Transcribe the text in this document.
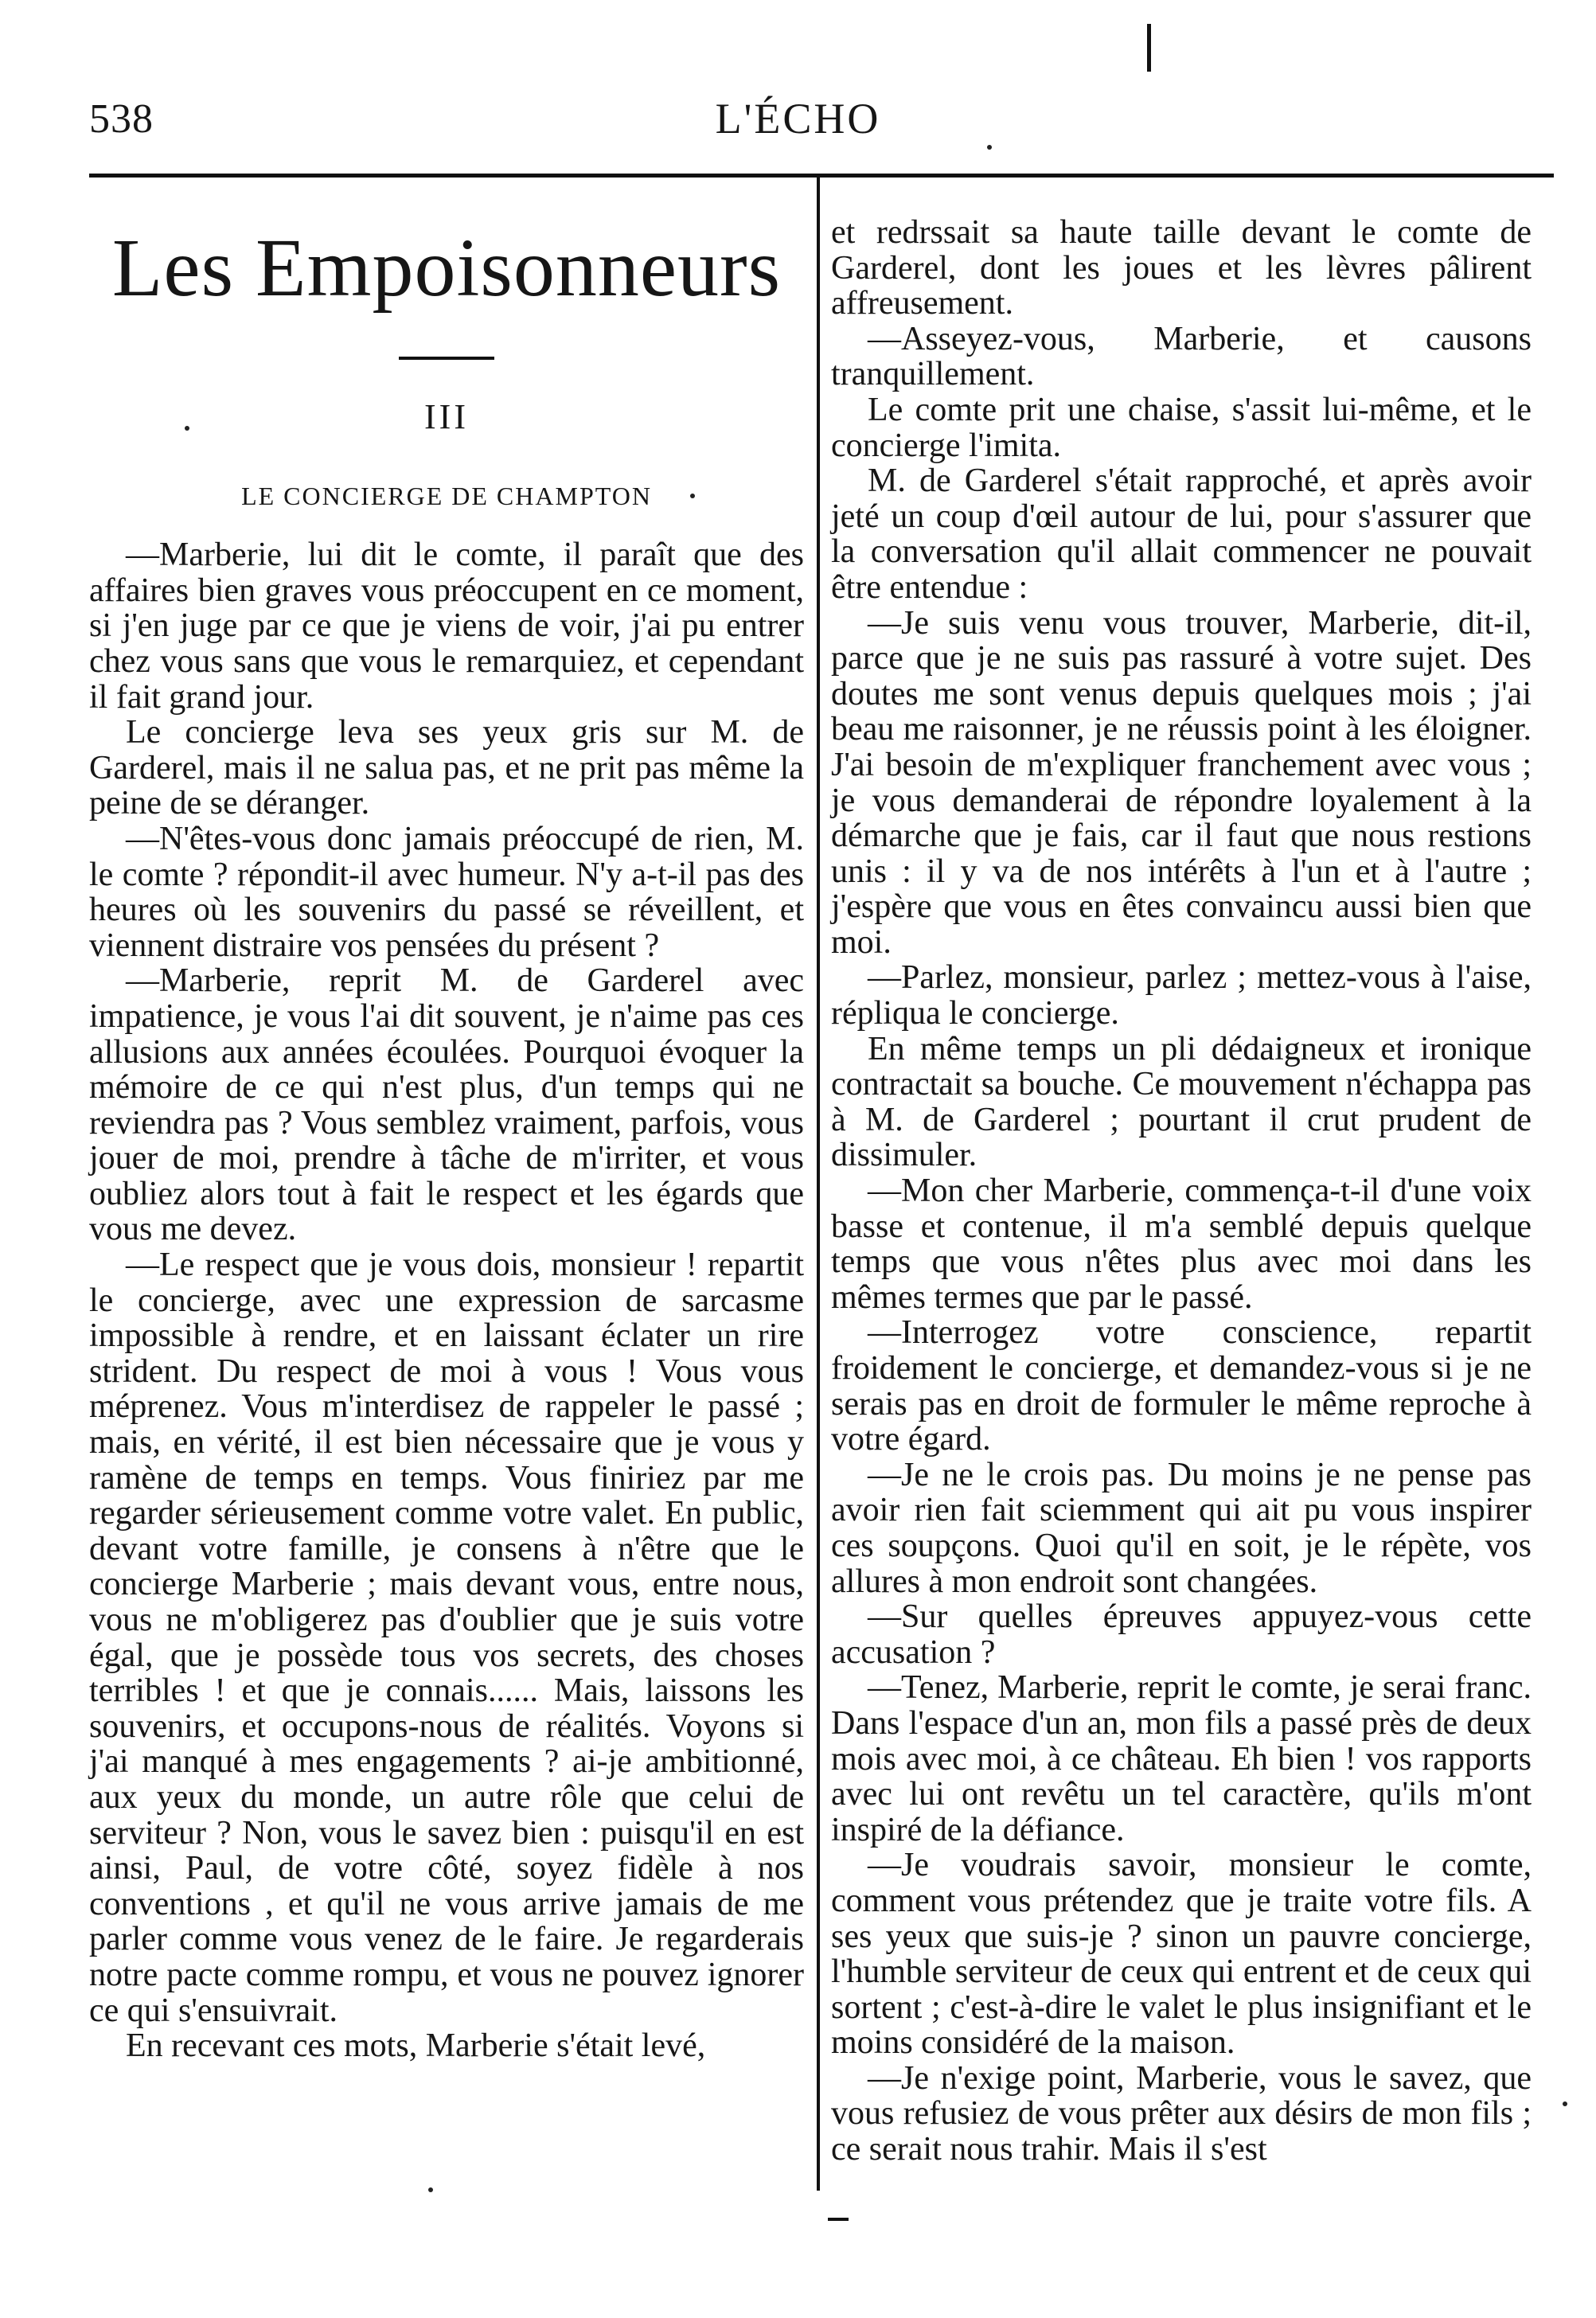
538	L'ÉCHO
Les Empoisonneurs
III
LE CONCIERGE DE CHAMPTON

—Marberie, lui dit le comte, il paraît que des affaires bien graves vous préoccupent en ce moment, si j'en juge par ce que je viens de voir, j'ai pu entrer chez vous sans que vous le remarquiez, et cependant il fait grand jour.

Le concierge leva ses yeux gris sur M. de Garderel, mais il ne salua pas, et ne prit pas même la peine de se déranger.

—N'êtes-vous donc jamais préoccupé de rien, M. le comte ? répondit-il avec humeur. N'y a-t-il pas des heures où les souvenirs du passé se réveillent, et viennent distraire vos pensées du présent ?

—Marberie, reprit M. de Garderel avec impatience, je vous l'ai dit souvent, je n'aime pas ces allusions aux années écoulées. Pourquoi évoquer la mémoire de ce qui n'est plus, d'un temps qui ne reviendra pas ? Vous semblez vraiment, parfois, vous jouer de moi, prendre à tâche de m'irriter, et vous oubliez alors tout à fait le respect et les égards que vous me devez.

—Le respect que je vous dois, monsieur ! repartit le concierge, avec une expression de sarcasme impossible à rendre, et en laissant éclater un rire strident. Du respect de moi à vous ! Vous vous méprenez. Vous m'interdisez de rappeler le passé ; mais, en vérité, il est bien nécessaire que je vous y ramène de temps en temps. Vous finiriez par me regarder sérieusement comme votre valet. En public, devant votre famille, je consens à n'être que le concierge Marberie ; mais devant vous, entre nous, vous ne m'obligerez pas d'oublier que je suis votre égal, que je possède tous vos secrets, des choses terribles ! et que je connais...... Mais, laissons les souvenirs, et occupons-nous de réalités. Voyons si j'ai manqué à mes engagements ? ai-je ambitionné, aux yeux du monde, un autre rôle que celui de serviteur ? Non, vous le savez bien : puisqu'il en est ainsi, Paul, de votre côté, soyez fidèle à nos conventions , et qu'il ne vous arrive jamais de me parler comme vous venez de le faire. Je regarderais notre pacte comme rompu, et vous ne pouvez ignorer ce qui s'ensuivrait.

En recevant ces mots, Marberie s'était levé,

et redrssait sa haute taille devant le comte de Garderel, dont les joues et les lèvres pâlirent affreusement.

—Asseyez-vous, Marberie, et causons tranquillement.

Le comte prit une chaise, s'assit lui-même, et le concierge l'imita.

M. de Garderel s'était rapproché, et après avoir jeté un coup d'œil autour de lui, pour s'assurer que la conversation qu'il allait commencer ne pouvait être entendue :

—Je suis venu vous trouver, Marberie, dit-il, parce que je ne suis pas rassuré à votre sujet. Des doutes me sont venus depuis quelques mois ; j'ai beau me raisonner, je ne réussis point à les éloigner. J'ai besoin de m'expliquer franchement avec vous ; je vous demanderai de répondre loyalement à la démarche que je fais, car il faut que nous restions unis : il y va de nos intérêts à l'un et à l'autre ; j'espère que vous en êtes convaincu aussi bien que moi.

—Parlez, monsieur, parlez ; mettez-vous à l'aise, répliqua le concierge.

En même temps un pli dédaigneux et ironique contractait sa bouche. Ce mouvement n'échappa pas à M. de Garderel ; pourtant il crut prudent de dissimuler.

—Mon cher Marberie, commença-t-il d'une voix basse et contenue, il m'a semblé depuis quelque temps que vous n'êtes plus avec moi dans les mêmes termes que par le passé.

—Interrogez votre conscience, repartit froidement le concierge, et demandez-vous si je ne serais pas en droit de formuler le même reproche à votre égard.

—Je ne le crois pas. Du moins je ne pense pas avoir rien fait sciemment qui ait pu vous inspirer ces soupçons. Quoi qu'il en soit, je le répète, vos allures à mon endroit sont changées.

—Sur quelles épreuves appuyez-vous cette accusation ?

—Tenez, Marberie, reprit le comte, je serai franc. Dans l'espace d'un an, mon fils a passé près de deux mois avec moi, à ce château. Eh bien ! vos rapports avec lui ont revêtu un tel caractère, qu'ils m'ont inspiré de la défiance.

—Je voudrais savoir, monsieur le comte, comment vous prétendez que je traite votre fils. A ses yeux que suis-je ? sinon un pauvre concierge, l'humble serviteur de ceux qui entrent et de ceux qui sortent ; c'est-à-dire le valet le plus insignifiant et le moins considéré de la maison.

—Je n'exige point, Marberie, vous le savez, que vous refusiez de vous prêter aux désirs de mon fils ; ce serait nous trahir. Mais il s'est
